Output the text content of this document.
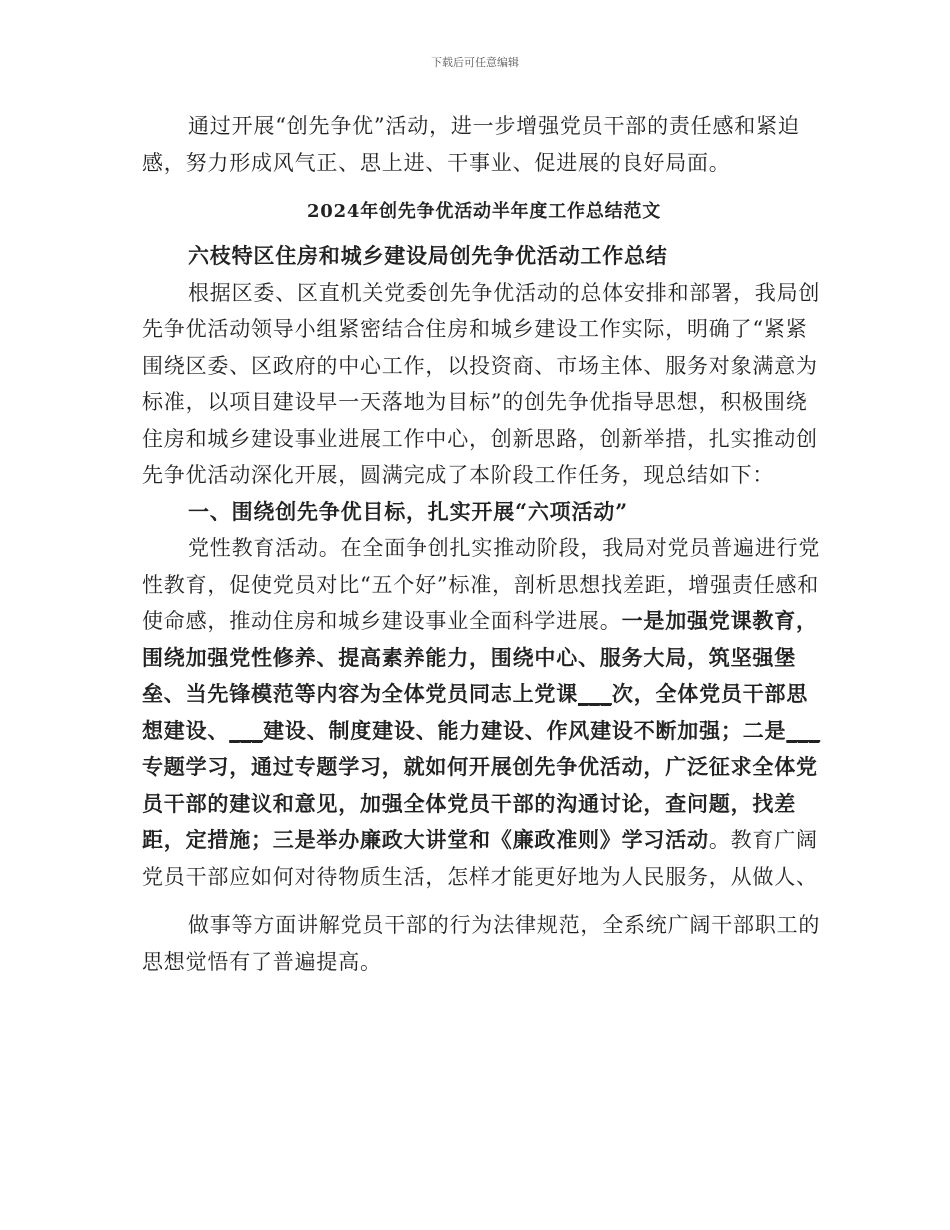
下载后可任意编辑

通过开展“创先争优”活动，进一步增强党员干部的责任感和紧迫感，努力形成风气正、思上进、干事业、促进展的良好局面。

2024年创先争优活动半年度工作总结范文

六枝特区住房和城乡建设局创先争优活动工作总结

根据区委、区直机关党委创先争优活动的总体安排和部署，我局创先争优活动领导小组紧密结合住房和城乡建设工作实际，明确了“紧紧围绕区委、区政府的中心工作，以投资商、市场主体、服务对象满意为标准，以项目建设早一天落地为目标”的创先争优指导思想，积极围绕住房和城乡建设事业进展工作中心，创新思路，创新举措，扎实推动创先争优活动深化开展，圆满完成了本阶段工作任务，现总结如下：

一、围绕创先争优目标，扎实开展“六项活动”

党性教育活动。在全面争创扎实推动阶段，我局对党员普遍进行党性教育，促使党员对比“五个好”标准，剖析思想找差距，增强责任感和使命感，推动住房和城乡建设事业全面科学进展。一是加强党课教育，围绕加强党性修养、提高素养能力，围绕中心、服务大局，筑坚强堡垒、当先锋模范等内容为全体党员同志上党课___次，全体党员干部思想建设、___建设、制度建设、能力建设、作风建设不断加强；二是___专题学习，通过专题学习，就如何开展创先争优活动，广泛征求全体党员干部的建议和意见，加强全体党员干部的沟通讨论，查问题，找差距，定措施；三是举办廉政大讲堂和《廉政准则》学习活动。教育广阔党员干部应如何对待物质生活，怎样才能更好地为人民服务，从做人、

做事等方面讲解党员干部的行为法律规范，全系统广阔干部职工的思想觉悟有了普遍提高。
